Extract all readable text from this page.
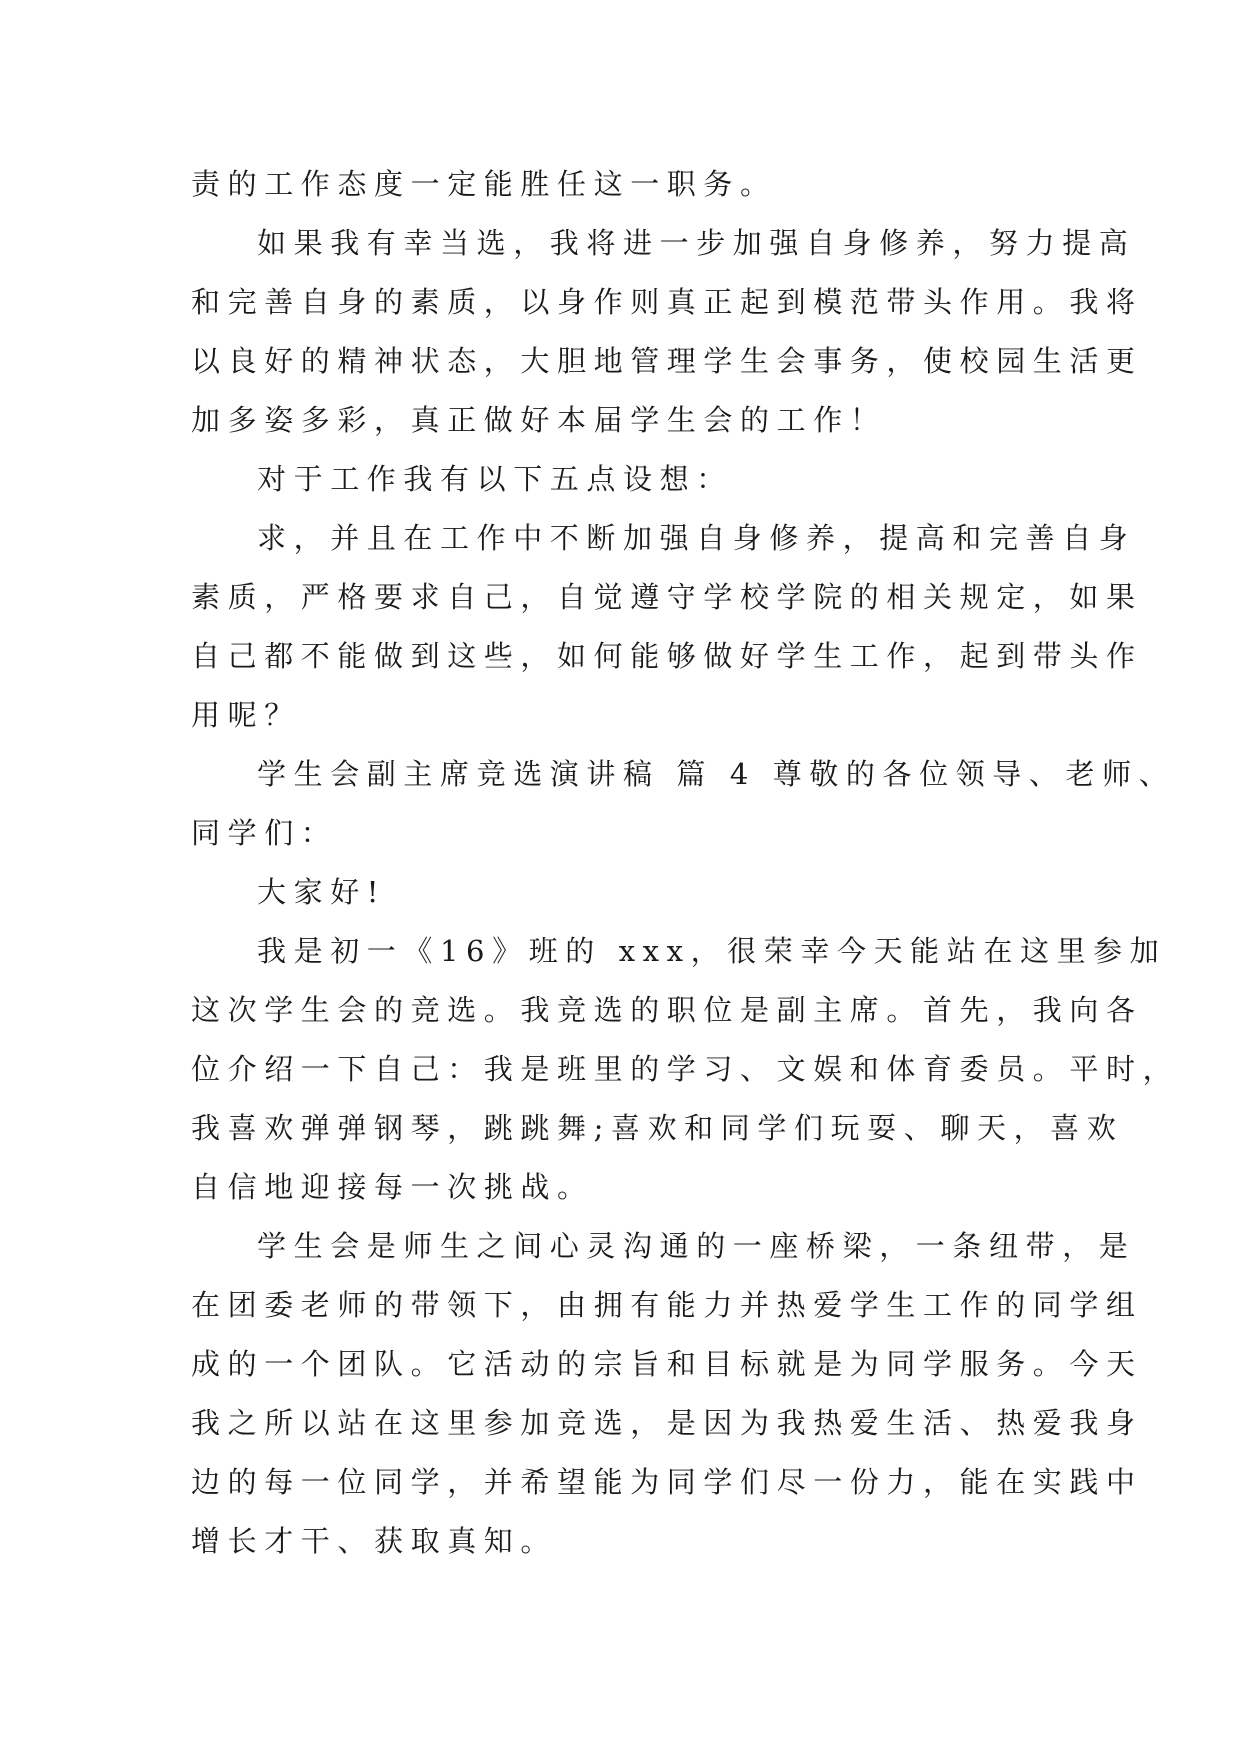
责的工作态度一定能胜任这一职务。
如果我有幸当选，我将进一步加强自身修养，努力提高
和完善自身的素质，以身作则真正起到模范带头作用。我将
以良好的精神状态，大胆地管理学生会事务，使校园生活更
加多姿多彩，真正做好本届学生会的工作！
对于工作我有以下五点设想：
求，并且在工作中不断加强自身修养，提高和完善自身
素质，严格要求自己，自觉遵守学校学院的相关规定，如果
自己都不能做到这些，如何能够做好学生工作，起到带头作
用呢？
学生会副主席竞选演讲稿 篇 4 尊敬的各位领导、老师、
同学们：
大家好!
我是初一《16》班的 xxx，很荣幸今天能站在这里参加
这次学生会的竞选。我竞选的职位是副主席。首先，我向各
位介绍一下自己：我是班里的学习、文娱和体育委员。平时，
我喜欢弹弹钢琴，跳跳舞;喜欢和同学们玩耍、聊天，喜欢
自信地迎接每一次挑战。
学生会是师生之间心灵沟通的一座桥梁，一条纽带，是
在团委老师的带领下，由拥有能力并热爱学生工作的同学组
成的一个团队。它活动的宗旨和目标就是为同学服务。今天
我之所以站在这里参加竞选，是因为我热爱生活、热爱我身
边的每一位同学，并希望能为同学们尽一份力，能在实践中
增长才干、获取真知。
